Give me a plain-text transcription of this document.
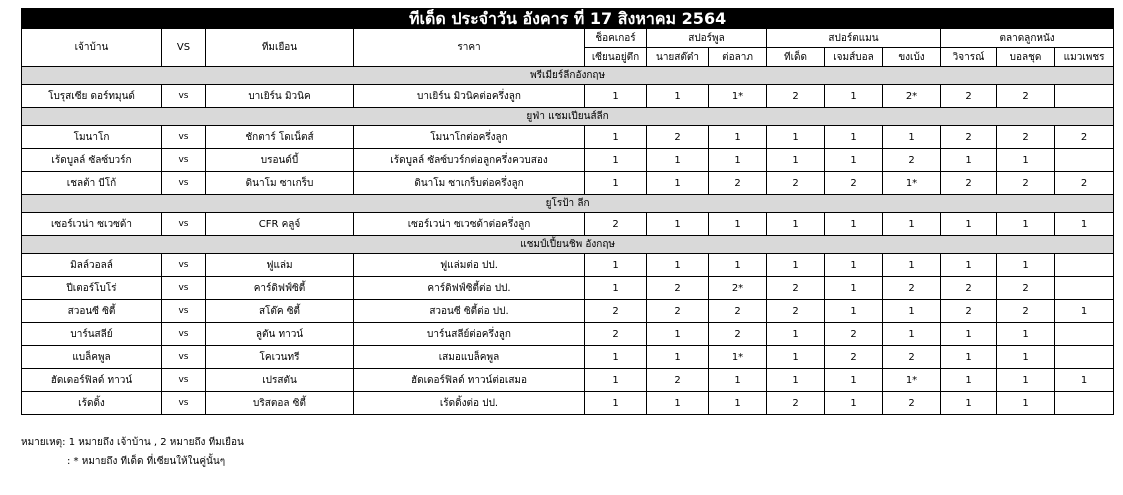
ทีเด็ด ประจำวัน อังคาร ที่ 17 สิงหาคม 2564												
เจ้าบ้าน	VS	ทีมเยือน	ราคา	ช็อคเกอร์	สปอร์พูล		สปอร์ตแมน			ตลาดลูกหนัง		
				เซียนอยู่ตึก	นายสต๊ต๋า	ต่อลาภ	ทีเด็ด	เจมส์บอล	ขงเบ้ง	วิจารณ์	บอลชุด	แมวเพชร
พรีเมียร์ลีกอังกฤษ												
โบรุสเซีย ดอร์ทมุนด์	vs	บาเยิร์น มิวนิค	บาเยิร์น มิวนิคต่อครึ่งลูก	1	1	1*	2	1	2*	2	2	
ยูฟ่า แชมเปียนส์ลีก												
โมนาโก	vs	ชักตาร์ โดเน็ตส์	โมนาโกต่อครึ่งลูก	1	2	1	1	1	1	2	2	2
เร้ดบูลล์ ซัลซ์บวร์ก	vs	บรอนด์บี้	เร้ดบูลล์ ซัลซ์บวร์กต่อลูกครึ่งควบสอง	1	1	1	1	1	2	1	1	
เชลต้า บีโก้	vs	ดินาโม ซาเกร็บ	ดินาโม ซาเกร็บต่อครึ่งลูก	1	1	2	2	2	1*	2	2	2
ยูโรป้า ลีก												
เซอร์เวน่า ซเวซด้า	vs	CFR คลูจ์	เซอร์เวน่า ซเวซด้าต่อครึ่งลูก	2	1	1	1	1	1	1	1	1
แชมป์เปี้ยนชิพ อังกฤษ												
มิลล์วอลล์	vs	ฟูแล่ม	ฟูแล่มต่อ ปป.	1	1	1	1	1	1	1	1	
ปีเตอร์โบโร่	vs	คาร์ดิฟฟ์ซิตี้	คาร์ดิฟฟ์ซิตี้ต่อ ปป.	1	2	2*	2	1	2	2	2	
สวอนซี ซิตี้	vs	สโต๊ค ซิตี้	สวอนซี ซิตี้ต่อ ปป.	2	2	2	2	1	1	2	2	1
บาร์นสลีย์	vs	ลูตัน ทาวน์	บาร์นสลีย์ต่อครึ่งลูก	2	1	2	1	2	1	1	1	
แบล็คพูล	vs	โคเวนทรี	เสมอแบล็คพูล	1	1	1*	1	2	2	1	1	
ฮัดเดอร์ฟิลด์ ทาวน์	vs	เปรสตัน	ฮัดเดอร์ฟิลด์ ทาวน์ต่อเสมอ	1	2	1	1	1	1*	1	1	1
เร้ดดิ้ง	vs	บริสตอล ซิตี้	เร้ดดิ้งต่อ ปป.	1	1	1	2	1	2	1	1	
หมายเหตุ: 1 หมายถึง เจ้าบ้าน , 2 หมายถึง ทีมเยือน
: * หมายถึง ทีเด็ด ที่เซียนให้ในคู่นั้นๆ
